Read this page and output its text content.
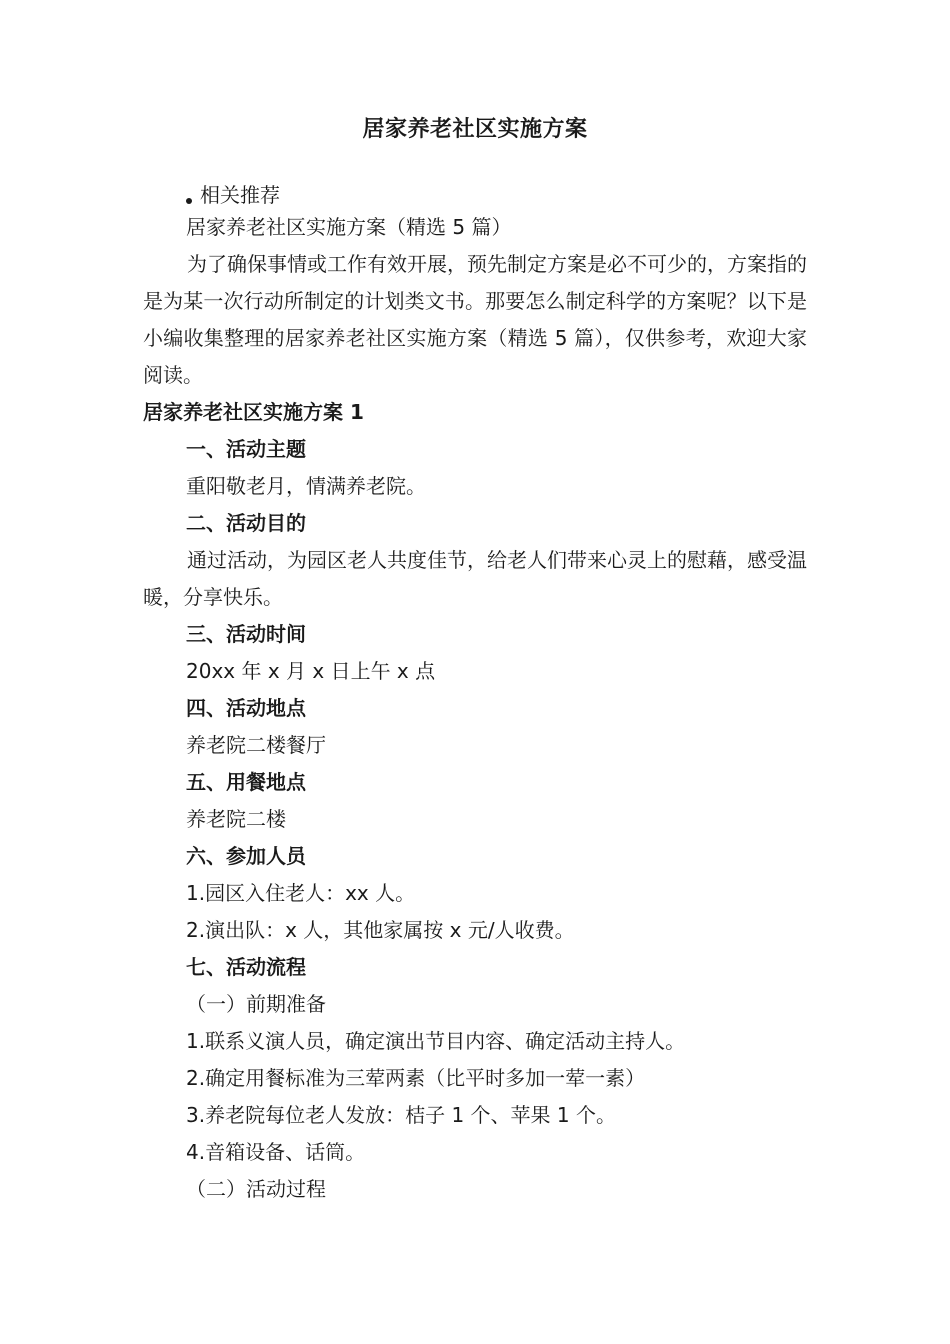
居家养老社区实施方案
相关推荐
居家养老社区实施方案（精选 5 篇）

为了确保事情或工作有效开展，预先制定方案是必不可少的，方案指的是为某一次行动所制定的计划类文书。那要怎么制定科学的方案呢？以下是小编收集整理的居家养老社区实施方案（精选 5 篇），仅供参考，欢迎大家阅读。

居家养老社区实施方案 1
一、活动主题
重阳敬老月，情满养老院。
二、活动目的

通过活动，为园区老人共度佳节，给老人们带来心灵上的慰藉，感受温暖，分享快乐。

三、活动时间
20xx 年 x 月 x 日上午 x 点
四、活动地点
养老院二楼餐厅
五、用餐地点
养老院二楼
六、参加人员
1.园区入住老人：xx 人。
2.演出队：x 人，其他家属按 x 元/人收费。
七、活动流程
（一）前期准备
1.联系义演人员，确定演出节目内容、确定活动主持人。
2.确定用餐标准为三荤两素（比平时多加一荤一素）
3.养老院每位老人发放：桔子 1 个、苹果 1 个。
4.音箱设备、话筒。
（二）活动过程
